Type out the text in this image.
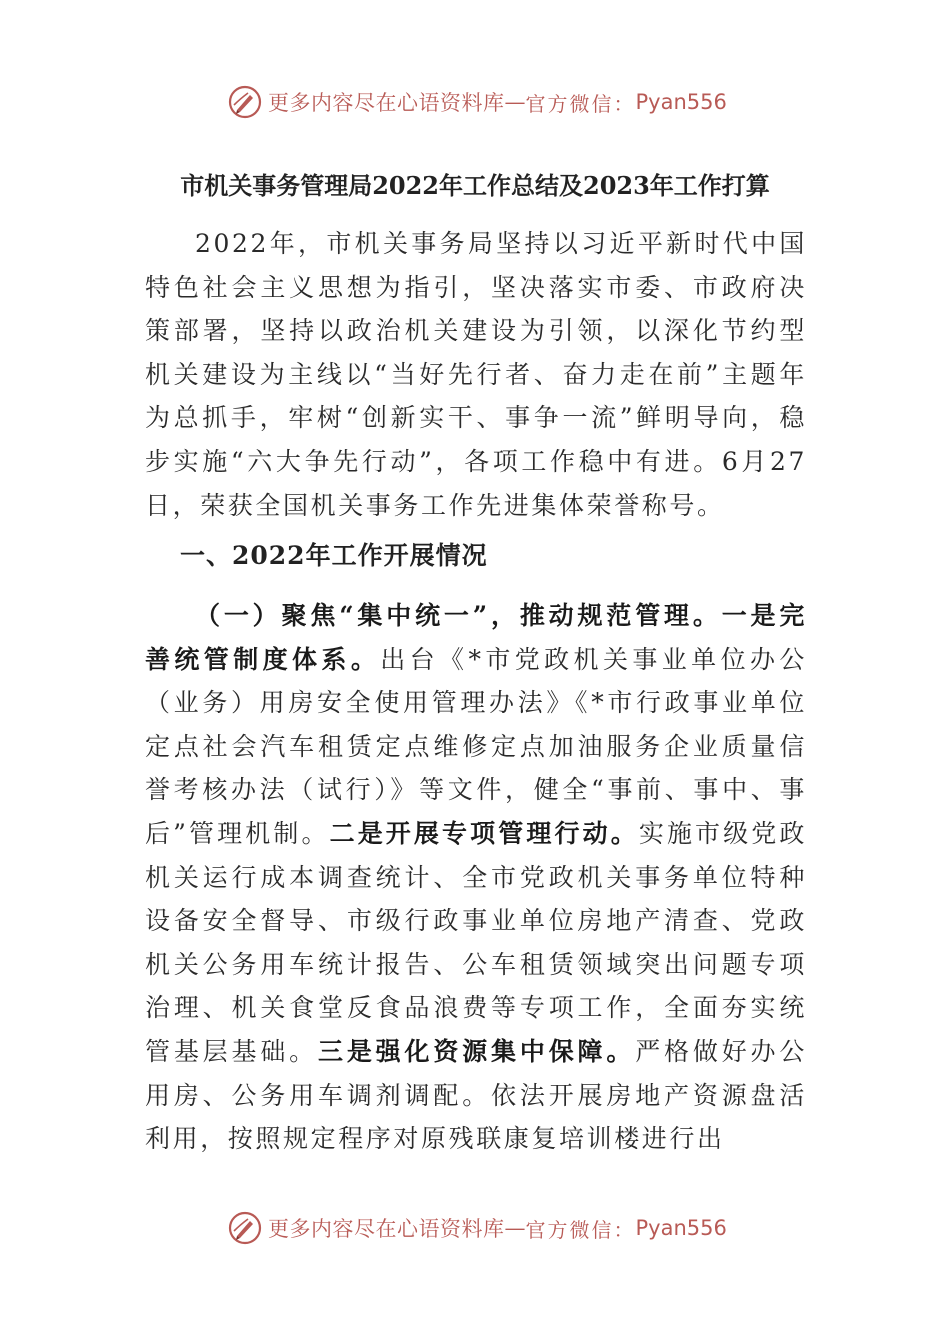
更多内容尽在心语资料库 — 官方微信： Pyan556
市机关事务管理局2022年工作总结及2023年工作打算

2022年，市机关事务局坚持以习近平新时代中国特色社会主义思想为指引，坚决落实市委、市政府决策部署，坚持以政治机关建设为引领，以深化节约型机关建设为主线以“当好先行者、奋力走在前”主题年为总抓手，牢树“创新实干、事争一流”鲜明导向，稳步实施“六大争先行动”，各项工作稳中有进。6月27日，荣获全国机关事务工作先进集体荣誉称号。

一、2022年工作开展情况

（一）聚焦“集中统一”，推动规范管理。一是完善统管制度体系。出台《*市党政机关事业单位办公（业务）用房安全使用管理办法》《*市行政事业单位定点社会汽车租赁定点维修定点加油服务企业质量信誉考核办法（试行）》等文件，健全“事前、事中、事后”管理机制。二是开展专项管理行动。实施市级党政机关运行成本调查统计、全市党政机关事务单位特种设备安全督导、市级行政事业单位房地产清查、党政机关公务用车统计报告、公车租赁领域突出问题专项治理、机关食堂反食品浪费等专项工作，全面夯实统管基层基础。三是强化资源集中保障。严格做好办公用房、公务用车调剂调配。依法开展房地产资源盘活利用，按照规定程序对原残联康复培训楼进行出

更多内容尽在心语资料库 — 官方微信： Pyan556
